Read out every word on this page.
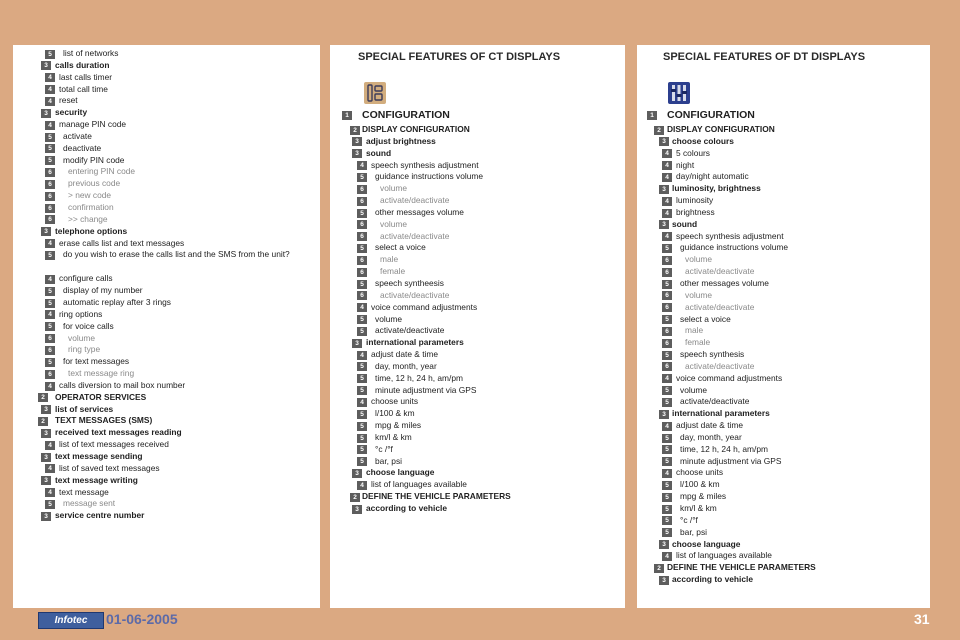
5	list of networks
3 calls duration
4 last calls timer
4 total call time
4 reset
3 security
4 manage PIN code
5	activate
5	deactivate
5	modify PIN code
6	entering PIN code
6	previous code
6	> new code
6	confirmation
6	>> change
3 telephone options
4 erase calls list and text messages
5	do you wish to erase the calls list and the SMS from the unit?
4 configure calls
5	display of my number
5	automatic replay after 3 rings
4 ring options
5	for voice calls
6	volume
6	ring type
5	for text messages
6	text message ring
4 calls diversion to mail box number
2	OPERATOR SERVICES
3 list of services
2	TEXT MESSAGES (SMS)
3 received text messages reading
4 list of text messages received
3 text message sending
4 list of saved text messages
3 text message writing
4 text message
5	message sent
3 service centre number
SPECIAL FEATURES OF CT DISPLAYS
1	CONFIGURATION
2 DISPLAY CONFIGURATION
3 adjust brightness
3 sound
4 speech synthesis adjustment
5	guidance instructions volume
6	volume
6	activate/deactivate
5	other messages volume
6	volume
6	activate/deactivate
5	select a voice
6	male
6	female
5	speech syntheesis
6	activate/deactivate
4 voice command adjustments
5	volume
5	activate/deactivate
3 international parameters
4 adjust date & time
5	day, month, year
5	time, 12 h, 24 h, am/pm
5	minute adjustment via GPS
4 choose units
5	l/100 & km
5	mpg & miles
5	km/l & km
5	°c /°f
5	bar, psi
3 choose language
4 list of languages available
2 DEFINE THE VEHICLE PARAMETERS
3 according to vehicle
SPECIAL FEATURES OF DT DISPLAYS
1	CONFIGURATION
2 DISPLAY CONFIGURATION
3 choose colours
4 5 colours
4 night
4 day/night automatic
3 luminosity, brightness
4 luminosity
4 brightness
3 sound
4 speech synthesis adjustment
5	guidance instructions volume
6	volume
6	activate/deactivate
5	other messages volume
6	volume
6	activate/deactivate
5	select a voice
6	male
6	female
5	speech synthesis
6	activate/deactivate
4 voice command adjustments
5	volume
5	activate/deactivate
3 international parameters
4 adjust date & time
5	day, month, year
5	time, 12 h, 24 h, am/pm
5	minute adjustment via GPS
4 choose units
5	l/100 & km
5	mpg & miles
5	km/l & km
5	°c /°f
5	bar, psi
3 choose language
4 list of languages available
2 DEFINE THE VEHICLE PARAMETERS
3 according to vehicle
Infotec	01-06-2005	31
